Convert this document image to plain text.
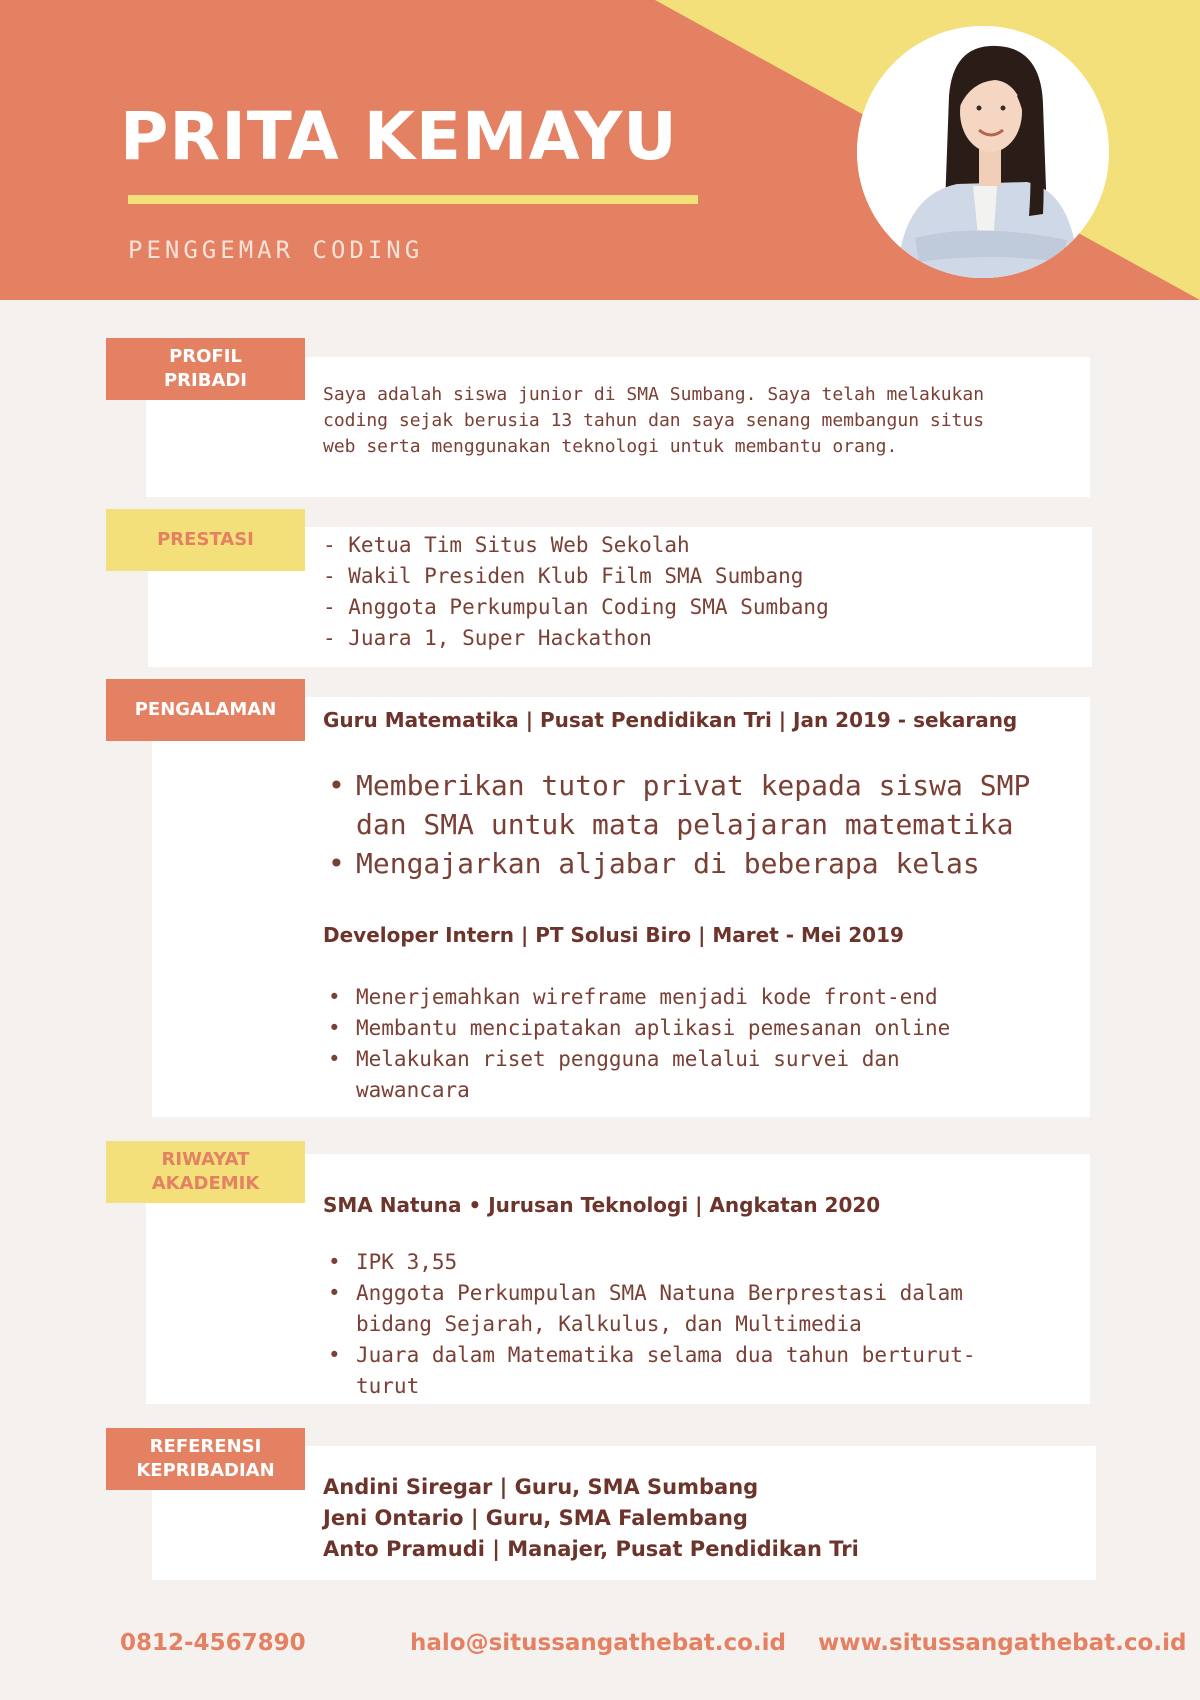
PRITA KEMAYU
PENGGEMAR CODING
PROFIL
PRIBADI
Saya adalah siswa junior di SMA Sumbang. Saya telah melakukan
coding sejak berusia 13 tahun dan saya senang membangun situs
web serta menggunakan teknologi untuk membantu orang.
PRESTASI	- Ketua Tim Situs Web Sekolah
- Wakil Presiden Klub Film SMA Sumbang
- Anggota Perkumpulan Coding SMA Sumbang
- Juara 1, Super Hackathon
PENGALAMAN Guru Matematika | Pusat Pendidikan Tri | Jan 2019 - sekarang
• Memberikan tutor privat kepada siswa SMP
dan SMA untuk mata pelajaran matematika
• Mengajarkan aljabar di beberapa kelas
Developer Intern | PT Solusi Biro | Maret - Mei 2019
• Menerjemahkan wireframe menjadi kode front-end
• Membantu mencipatakan aplikasi pemesanan online
• Melakukan riset pengguna melalui survei dan
wawancara
RIWAYAT
AKADEMIK
SMA Natuna • Jurusan Teknologi | Angkatan 2020
• IPK 3,55
• Anggota Perkumpulan SMA Natuna Berprestasi dalam
bidang Sejarah, Kalkulus, dan Multimedia
• Juara dalam Matematika selama dua tahun berturut-
turut
REFERENSI
KEPRIBADIAN
Andini Siregar | Guru, SMA Sumbang
Jeni Ontario | Guru, SMA Falembang
Anto Pramudi | Manajer, Pusat Pendidikan Tri
0812-4567890	halo@situssangathebat.co.id www.situssangathebat.co.id
